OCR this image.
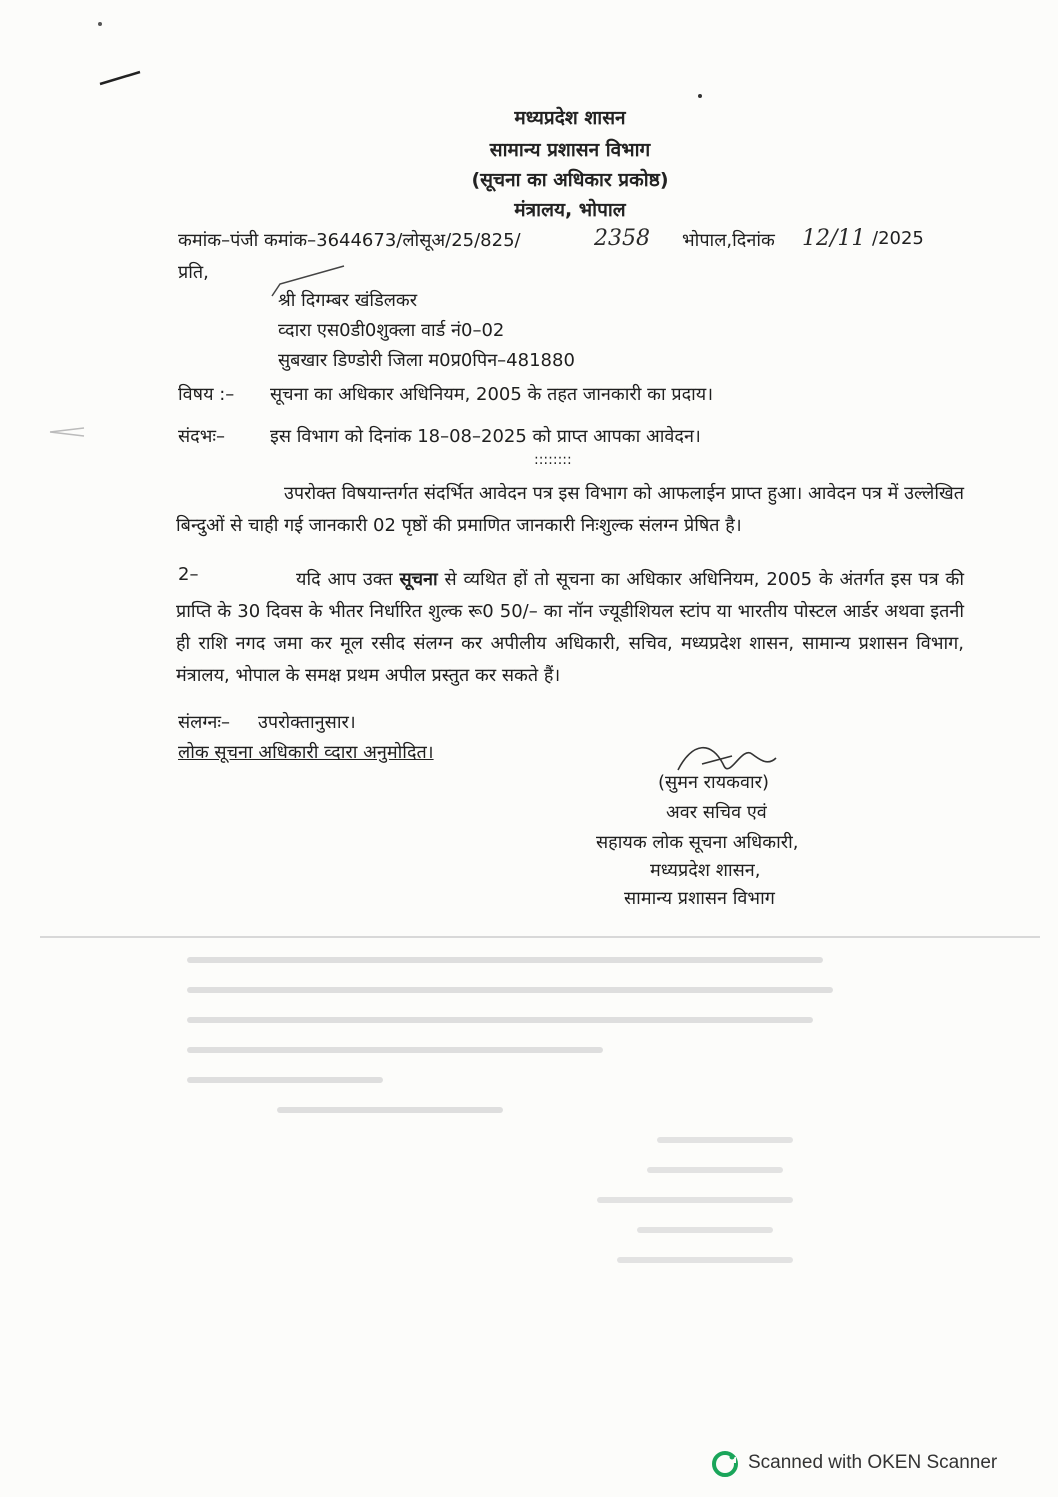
मध्यप्रदेश शासन
सामान्य प्रशासन विभाग
(सूचना का अधिकार प्रकोष्ठ)
मंत्रालय, भोपाल
कमांक–पंजी कमांक–3644673/लोसूअ/25/825/	2358 भोपाल,दिनांक 12/11 /2025
प्रति,
श्री दिगम्बर खंडिलकर
व्दारा एस0डी0शुक्ला वार्ड नं0–02
सुबखार डिण्डोरी जिला म0प्र0पिन–481880
विषय :– सूचना का अधिकार अधिनियम, 2005 के तहत जानकारी का प्रदाय।
संदभः– इस विभाग को दिनांक 18–08–2025 को प्राप्त आपका आवेदन।
::::::::
उपरोक्त विषयान्तर्गत संदर्भित आवेदन पत्र इस विभाग को आफलाईन प्राप्त हुआ। आवेदन पत्र में उल्लेखित बिन्दुओं से चाही गई जानकारी 02 पृष्ठों की प्रमाणित जानकारी निःशुल्क संलग्न प्रेषित है।
2–	यदि आप उक्त सूचना से व्यथित हों तो सूचना का अधिकार अधिनियम, 2005 के अंतर्गत इस पत्र की प्राप्ति के 30 दिवस के भीतर निर्धारित शुल्क रू0 50/– का नॉन ज्यूडीशियल स्टांप या भारतीय पोस्टल आर्डर अथवा इतनी ही राशि नगद जमा कर मूल रसीद संलग्न कर अपीलीय अधिकारी, सचिव, मध्यप्रदेश शासन, सामान्य प्रशासन विभाग, मंत्रालय, भोपाल के समक्ष प्रथम अपील प्रस्तुत कर सकते हैं।
संलग्नः– उपरोक्तानुसार।
लोक सूचना अधिकारी व्दारा अनुमोदित।
(सुमन रायकवार)
अवर सचिव एवं
सहायक लोक सूचना अधिकारी,
मध्यप्रदेश शासन,
सामान्य प्रशासन विभाग
Scanned with OKEN Scanner
